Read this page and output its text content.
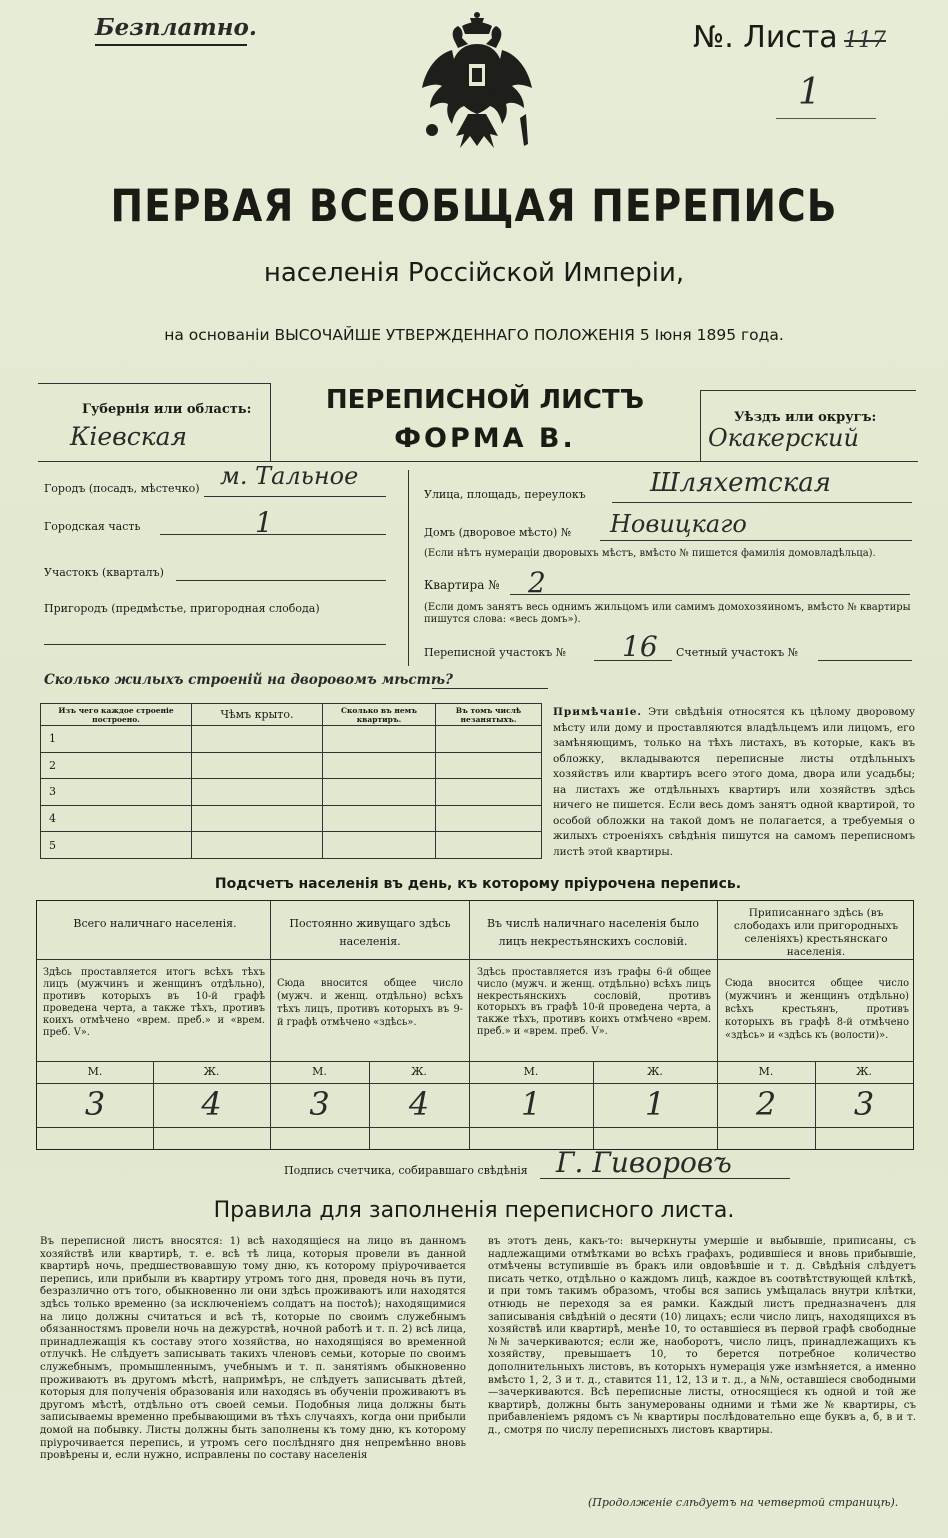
Безплатно.	№. Листа 117
1
ПЕРВАЯ ВСЕОБЩАЯ ПЕРЕПИСЬ
населенія Россійской Имперіи,
на основаніи ВЫСОЧАЙШЕ УТВЕРЖДЕННАГО ПОЛОЖЕНІЯ 5 Іюня 1895 года.
Губернія или область:
Кіевская
ПЕРЕПИСНОЙ ЛИСТЪ
ФОРМА В.
Уѣздъ или округъ:
Окакерский
Городъ (посадъ, мѣстечко) м. Тальное
Городская часть	1
Участокъ (кварталъ)
Пригородъ (предмѣстье, пригородная слобода)
Улица, площадь, переулокъ Шляхетская
Домъ (дворовое мѣсто) № Новицкаго
(Если нѣтъ нумераціи дворовыхъ мѣстъ, вмѣсто № пишется фамилія домовладѣльца).
Квартира № 2
(Если домъ занятъ весь однимъ жильцомъ или самимъ домохозяиномъ, вмѣсто № квартиры пишутся слова: «весь домъ»).
Переписной участокъ № 16 Счетный участокъ №
Сколько жилыхъ строеній на дворовомъ мѣстѣ?
Изъ чего каждое строеніе построено.	Чѣмъ крыто.	Сколько въ немъ квартиръ.	Въ томъ числѣ незанятыхъ.
1			
2			
3			
4			
5			
Примѣчаніе. Эти свѣдѣнія относятся къ цѣлому дворовому мѣсту или дому и проставляются владѣльцемъ или лицомъ, его замѣняющимъ, только на тѣхъ листахъ, въ которые, какъ въ обложку, вкладываются переписные листы отдѣльныхъ хозяйствъ или квартиръ всего этого дома, двора или усадьбы; на листахъ же отдѣльныхъ квартиръ или хозяйствъ здѣсь ничего не пишется. Если весь домъ занятъ одной квартирой, то особой обложки на такой домъ не полагается, а требуемыя о жилыхъ строеніяхъ свѣдѣнія пишутся на самомъ переписномъ листѣ этой квартиры.
Подсчетъ населенія въ день, къ которому пріурочена перепись.
Всего наличнаго населенія.
Здѣсь проставляется итогъ всѣхъ тѣхъ лицъ (мужчинъ и женщинъ отдѣльно), противъ которыхъ въ 10-й графѣ проведена черта, а также тѣхъ, противъ коихъ отмѣчено «врем. преб.» и «врем. преб. V».
М.	Ж.
3	4
Постоянно живущаго здѣсь населенія.
Сюда вносится общее число (мужч. и женщ. отдѣльно) всѣхъ тѣхъ лицъ, противъ которыхъ въ 9-й графѣ отмѣчено «здѣсь».
М.	Ж.
3	4
Въ числѣ наличнаго населенія было лицъ некрестьянскихъ сословій.
Здѣсь проставляется изъ графы 6-й общее число (мужч. и женщ. отдѣльно) всѣхъ лицъ некрестьянскихъ сословій, противъ которыхъ въ графѣ 10-й проведена черта, а также тѣхъ, противъ коихъ отмѣчено «врем. преб.» и «врем. преб. V».
М.	Ж.
1	1
Приписаннаго здѣсь (въ слободахъ или пригородныхъ селеніяхъ) крестьянскаго населенія.
Сюда вносится общее число (мужчинъ и женщинъ отдѣльно) всѣхъ крестьянъ, противъ которыхъ въ графѣ 8-й отмѣчено «здѣсь» и «здѣсь къ (волости)».
М.	Ж.
2	3
Подпись счетчика, собиравшаго свѣдѣнія Г. Гиворовъ
Правила для заполненія переписного листа.
Въ переписной листъ вносятся: 1) всѣ находящіеся на лицо въ данномъ хозяйствѣ или квартирѣ, т. е. всѣ тѣ лица, которыя провели въ данной квартирѣ ночь, предшествовавшую тому дню, къ которому пріурочивается перепись, или прибыли въ квартиру утромъ того дня, проведя ночь въ пути, безразлично отъ того, обыкновенно ли они здѣсь проживаютъ или находятся здѣсь только временно (за исключеніемъ солдатъ на постоѣ); находящимися на лицо должны считаться и всѣ тѣ, которые по своимъ служебнымъ обязанностямъ провели ночь на дежурствѣ, ночной работѣ и т. п. 2) всѣ лица, принадлежащія къ составу этого хозяйства, но находящіяся во временной отлучкѣ. Не слѣдуетъ записывать такихъ членовъ семьи, которые по своимъ служебнымъ, промышленнымъ, учебнымъ и т. п. занятіямъ обыкновенно проживаютъ въ другомъ мѣстѣ, напримѣръ, не слѣдуетъ записывать дѣтей, которыя для полученія образованія или находясь въ обученіи проживаютъ въ другомъ мѣстѣ, отдѣльно отъ своей семьи. Подобныя лица должны быть записываемы временно пребывающими въ тѣхъ случаяхъ, когда они прибыли домой на побывку. Листы должны быть заполнены къ тому дню, къ которому пріурочивается перепись, и утромъ сего послѣдняго дня непремѣнно вновь провѣрены и, если нужно, исправлены по составу населенія
въ этотъ день, какъ-то: вычеркнуты умершіе и выбывшіе, приписаны, съ надлежащими отмѣтками во всѣхъ графахъ, родившіеся и вновь прибывшіе, отмѣчены вступившіе въ бракъ или овдовѣвшіе и т. д. Свѣдѣнія слѣдуетъ писать четко, отдѣльно о каждомъ лицѣ, каждое въ соотвѣтствующей клѣткѣ, и при томъ такимъ образомъ, чтобы вся запись умѣщалась внутри клѣтки, отнюдь не переходя за ея рамки. Каждый листъ предназначенъ для записыванія свѣдѣній о десяти (10) лицахъ; если число лицъ, находящихся въ хозяйствѣ или квартирѣ, менѣе 10, то оставшіеся въ первой графѣ свободные №№ зачеркиваются; если же, наоборотъ, число лицъ, принадлежащихъ къ хозяйству, превышаетъ 10, то берется потребное количество дополнительныхъ листовъ, въ которыхъ нумерація уже измѣняется, а именно вмѣсто 1, 2, 3 и т. д., ставится 11, 12, 13 и т. д., а №№, оставшіеся свободными—зачеркиваются. Всѣ переписные листы, относящіеся къ одной и той же квартирѣ, должны быть занумерованы одними и тѣми же № квартиры, съ прибавленіемъ рядомъ съ № квартиры послѣдовательно еще буквъ а, б, в и т. д., смотря по числу переписныхъ листовъ квартиры.
(Продолженіе слѣдуетъ на четвертой страницѣ).
